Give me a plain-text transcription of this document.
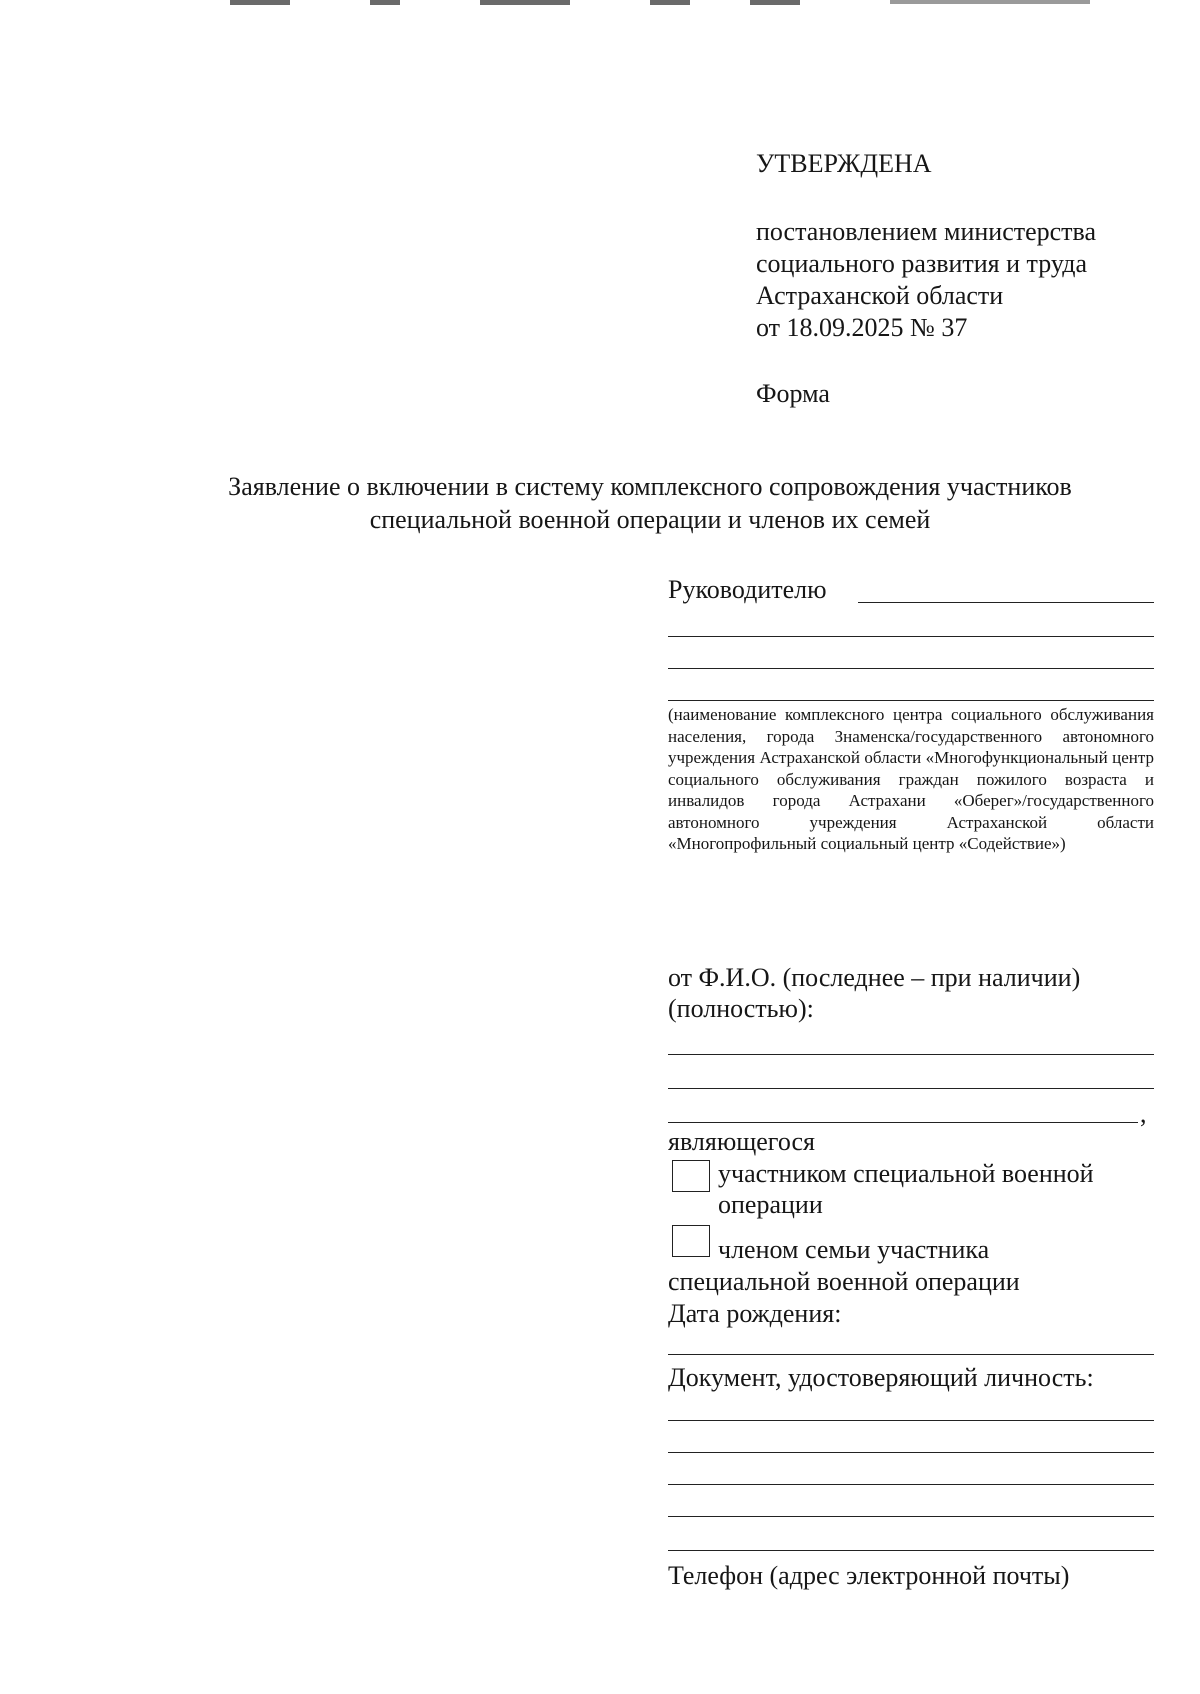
УТВЕРЖДЕНА
постановлением министерства
социального развития и труда
Астраханской области
от 18.09.2025 № 37
Форма
Заявление о включении в систему комплексного сопровождения участников
специальной военной операции и членов их семей
Руководителю
(наименование комплексного центра социального обслуживания населения, города Знаменска/государственного автономного учреждения Астраханской области «Многофункциональный центр социального обслуживания граждан пожилого возраста и инвалидов города Астрахани «Оберег»/государственного автономного учреждения Астраханской области «Многопрофильный социальный центр «Содействие»)
от Ф.И.О. (последнее – при наличии)
(полностью):
,
являющегося
участником специальной военной
операции
членом семьи участника
специальной военной операции
Дата рождения:
Документ, удостоверяющий личность:
Телефон (адрес электронной почты)
